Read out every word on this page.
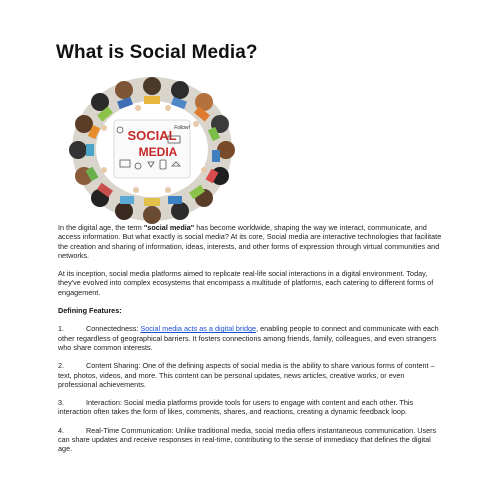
What is Social Media?
SOCIAL
MEDIA
Follow!

In the digital age, the term "social media" has become worldwide, shaping the way we interact, communicate, and access information. But what exactly is social media? At its core, Social media are interactive technologies that facilitate the creation and sharing of information, ideas, interests, and other forms of expression through virtual communities and networks.

At its inception, social media platforms aimed to replicate real-life social interactions in a digital environment. Today, they've evolved into complex ecosystems that encompass a multitude of platforms, each catering to different forms of engagement.

Defining Features:

1.	Connectedness: Social media acts as a digital bridge, enabling people to connect and communicate with each other regardless of geographical barriers. It fosters connections among friends, family, colleagues, and even strangers who share common interests.

2.	Content Sharing: One of the defining aspects of social media is the ability to share various forms of content – text, photos, videos, and more. This content can be personal updates, news articles, creative works, or even professional achievements.

3.	Interaction: Social media platforms provide tools for users to engage with content and each other. This interaction often takes the form of likes, comments, shares, and reactions, creating a dynamic feedback loop.

4.	Real-Time Communication: Unlike traditional media, social media offers instantaneous communication. Users can share updates and receive responses in real-time, contributing to the sense of immediacy that defines the digital age.
